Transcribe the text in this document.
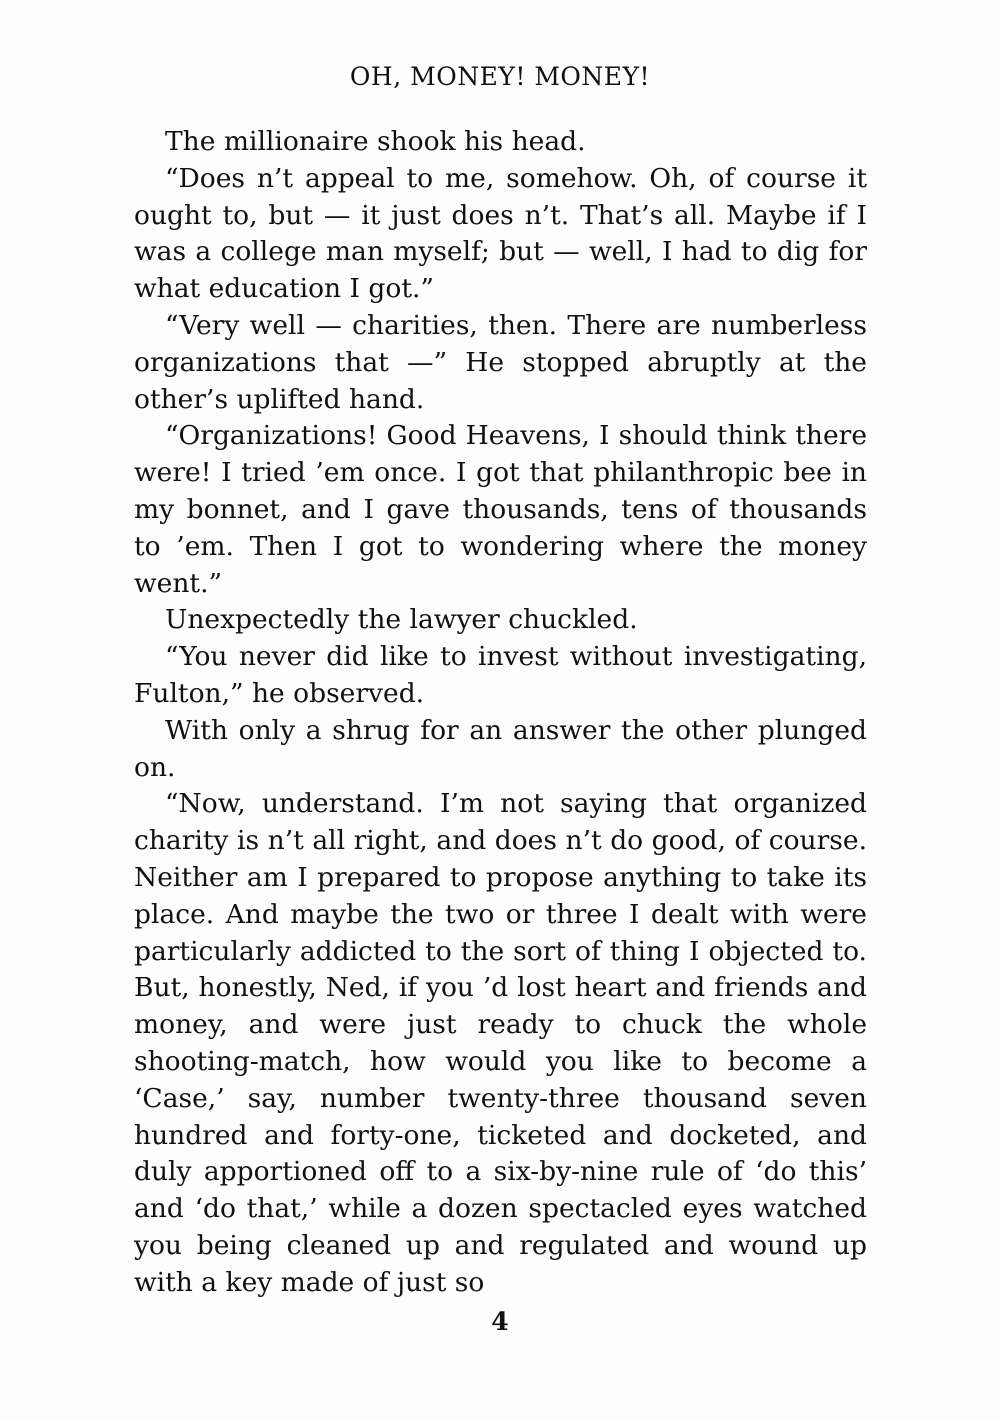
OH, MONEY! MONEY!

The millionaire shook his head.

“Does n’t appeal to me, somehow. Oh, of course it ought to, but — it just does n’t. That’s all. Maybe if I was a college man myself; but — well, I had to dig for what education I got.”

“Very well — charities, then. There are numberless organizations that —” He stopped abruptly at the other’s uplifted hand.

“Organizations! Good Heavens, I should think there were! I tried ’em once. I got that philanthropic bee in my bonnet, and I gave thousands, tens of thousands to ’em. Then I got to wondering where the money went.”

Unexpectedly the lawyer chuckled.

“You never did like to invest without investigating, Fulton,” he observed.

With only a shrug for an answer the other plunged on.

“Now, understand. I’m not saying that organized charity is n’t all right, and does n’t do good, of course. Neither am I prepared to propose anything to take its place. And maybe the two or three I dealt with were particularly addicted to the sort of thing I objected to. But, honestly, Ned, if you ’d lost heart and friends and money, and were just ready to chuck the whole shooting-match, how would you like to become a ‘Case,’ say, number twenty-three thousand seven hundred and forty-one, ticketed and docketed, and duly apportioned off to a six-by-nine rule of ‘do this’ and ‘do that,’ while a dozen spectacled eyes watched you being cleaned up and regulated and wound up with a key made of just so

4
